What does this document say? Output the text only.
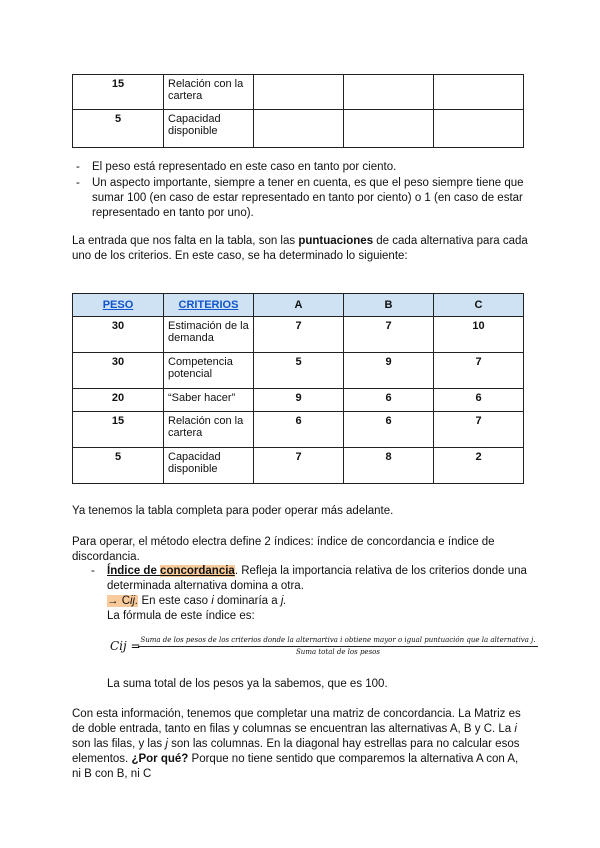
15	Relación con la cartera			
5	Capacidad disponible			
- El peso está representado en este caso en tanto por ciento.
- Un aspecto importante, siempre a tener en cuenta, es que el peso siempre tiene que sumar 100 (en caso de estar representado en tanto por ciento) o 1 (en caso de estar representado en tanto por uno).
La entrada que nos falta en la tabla, son las puntuaciones de cada alternativa para cada uno de los criterios. En este caso, se ha determinado lo siguiente:
PESO	CRITERIOS	A	B	C
30	Estimación de la demanda	7	7	10
30	Competencia potencial	5	9	7
20	“Saber hacer”	9	6	6
15	Relación con la cartera	6	6	7
5	Capacidad disponible	7	8	2
Ya tenemos la tabla completa para poder operar más adelante.
Para operar, el método electra define 2 índices: índice de concordancia e índice de discordancia.
- Índice de concordancia. Refleja la importancia relativa de los criterios donde una determinada alternativa domina a otra.
→ Cij. En este caso i dominaría a j.
La fórmula de este índice es:
Cij = Suma de los pesos de los criterios donde la alternartiva i obtiene mayor o igual puntuación que la alternativa j.
Suma total de los pesos
La suma total de los pesos ya la sabemos, que es 100.
Con esta información, tenemos que completar una matriz de concordancia. La Matriz es de doble entrada, tanto en filas y columnas se encuentran las alternativas A, B y C. La i son las filas, y las j son las columnas. En la diagonal hay estrellas para no calcular esos elementos. ¿Por qué? Porque no tiene sentido que comparemos la alternativa A con A, ni B con B, ni C
